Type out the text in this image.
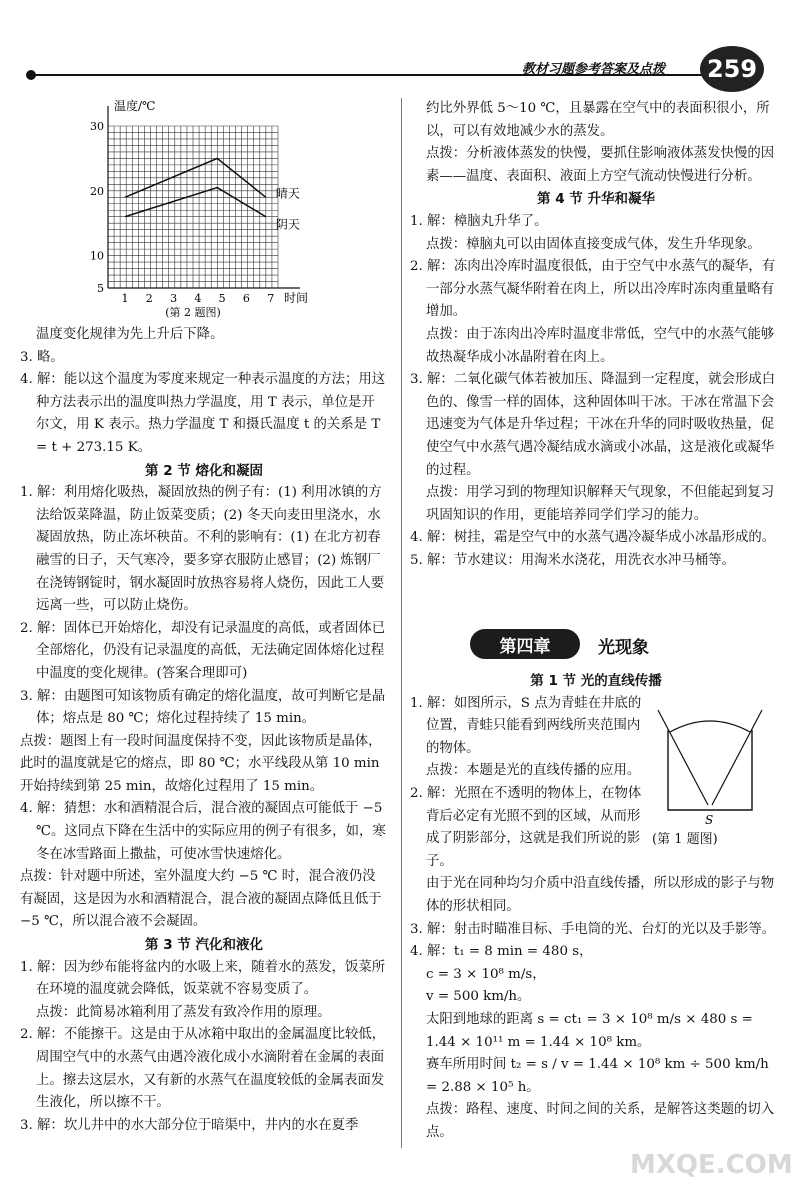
教材习题参考答案及点拨 259
5
10
20
30
1 2 3 4 5 6 7
温度/℃
时间
(第 2 题图)
晴天
阴天

温度变化规律为先上升后下降。

3. 略。

4. 解：能以这个温度为零度来规定一种表示温度的方法；用这种方法表示出的温度叫热力学温度，用 T 表示，单位是开尔文，用 K 表示。热力学温度 T 和摄氏温度 t 的关系是 T = t + 273.15 K。

第 2 节 熔化和凝固

1. 解：利用熔化吸热，凝固放热的例子有：(1) 利用冰镇的方法给饭菜降温，防止饭菜变质；(2) 冬天向麦田里浇水，水凝固放热，防止冻坏秧苗。不利的影响有：(1) 在北方初春融雪的日子，天气寒冷，要多穿衣服防止感冒；(2) 炼钢厂在浇铸钢锭时，钢水凝固时放热容易将人烧伤，因此工人要远离一些，可以防止烧伤。

2. 解：固体已开始熔化，却没有记录温度的高低，或者固体已全部熔化，仍没有记录温度的高低，无法确定固体熔化过程中温度的变化规律。(答案合理即可)

3. 解：由题图可知该物质有确定的熔化温度，故可判断它是晶体；熔点是 80 ℃；熔化过程持续了 15 min。

点拨：题图上有一段时间温度保持不变，因此该物质是晶体，此时的温度就是它的熔点，即 80 ℃；水平线段从第 10 min 开始持续到第 25 min，故熔化过程用了 15 min。

4. 解：猜想：水和酒精混合后，混合液的凝固点可能低于 −5 ℃。这同点下降在生活中的实际应用的例子有很多，如，寒冬在冰雪路面上撒盐，可使冰雪快速熔化。

点拨：针对题中所述，室外温度大约 −5 ℃ 时，混合液仍没有凝固，这是因为水和酒精混合，混合液的凝固点降低且低于 −5 ℃，所以混合液不会凝固。

第 3 节 汽化和液化

1. 解：因为纱布能将盆内的水吸上来，随着水的蒸发，饭菜所在环境的温度就会降低，饭菜就不容易变质了。

点拨：此简易冰箱利用了蒸发有致冷作用的原理。

2. 解：不能擦干。这是由于从冰箱中取出的金属温度比较低，周围空气中的水蒸气由遇冷液化成小水滴附着在金属的表面上。擦去这层水，又有新的水蒸气在温度较低的金属表面发生液化，所以擦不干。

3. 解：坎儿井中的水大部分位于暗渠中，井内的水在夏季

约比外界低 5～10 ℃，且暴露在空气中的表面积很小，所以，可以有效地减少水的蒸发。

点拨：分析液体蒸发的快慢，要抓住影响液体蒸发快慢的因素——温度、表面积、液面上方空气流动快慢进行分析。

第 4 节 升华和凝华

1. 解：樟脑丸升华了。

点拨：樟脑丸可以由固体直接变成气体，发生升华现象。

2. 解：冻肉出冷库时温度很低，由于空气中水蒸气的凝华，有一部分水蒸气凝华附着在肉上，所以出冷库时冻肉重量略有增加。

点拨：由于冻肉出冷库时温度非常低，空气中的水蒸气能够故热凝华成小冰晶附着在肉上。

3. 解：二氧化碳气体若被加压、降温到一定程度，就会形成白色的、像雪一样的固体，这种固体叫干冰。干冰在常温下会迅速变为气体是升华过程；干冰在升华的同时吸收热量，促使空气中水蒸气遇冷凝结成水滴或小冰晶，这是液化或凝华的过程。

点拨：用学习到的物理知识解释天气现象，不但能起到复习巩固知识的作用，更能培养同学们学习的能力。

4. 解：树挂，霜是空气中的水蒸气遇冷凝华成小冰晶形成的。

5. 解：节水建议：用淘米水浇花，用洗衣水冲马桶等。

第四章	光现象

第 1 节 光的直线传播

1. 解：如图所示，S 点为青蛙在井底的位置，青蛙只能看到两线所夹范围内的物体。

点拨：本题是光的直线传播的应用。

2. 解：光照在不透明的物体上，在物体背后必定有光照不到的区域，从而形成了阴影部分，这就是我们所说的影子。

由于光在同种均匀介质中沿直线传播，所以形成的影子与物体的形状相同。

3. 解：射击时瞄准目标、手电筒的光、台灯的光以及手影等。

4. 解：t₁ = 8 min = 480 s，

c = 3 × 10⁸ m/s，

v = 500 km/h。

太阳到地球的距离 s = ct₁ = 3 × 10⁸ m/s × 480 s = 1.44 × 10¹¹ m = 1.44 × 10⁸ km。

赛车所用时间 t₂ = s / v = 1.44 × 10⁸ km ÷ 500 km/h = 2.88 × 10⁵ h。

点拨：路程、速度、时间之间的关系，是解答这类题的切入点。

S
(第 1 题图)
MXQE.COM
